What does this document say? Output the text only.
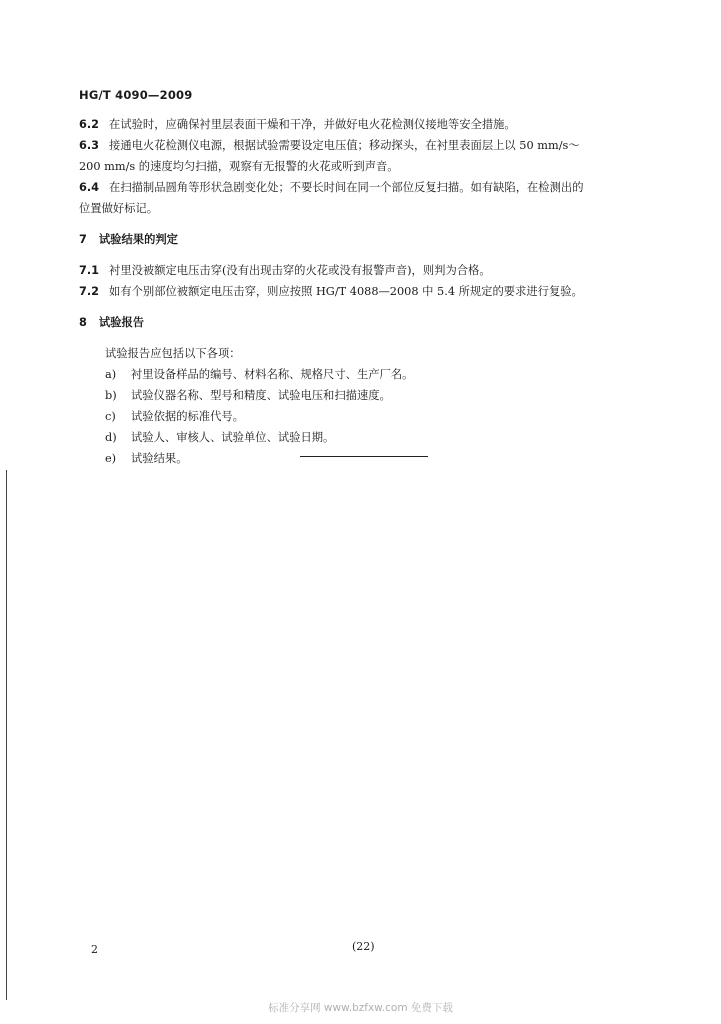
HG/T 4090—2009

6.2 在试验时，应确保衬里层表面干燥和干净，并做好电火花检测仪接地等安全措施。

6.3 接通电火花检测仪电源，根据试验需要设定电压值；移动探头，在衬里表面层上以 50 mm/s～

200 mm/s 的速度均匀扫描，观察有无报警的火花或听到声音。

6.4 在扫描制品圆角等形状急剧变化处；不要长时间在同一个部位反复扫描。如有缺陷，在检测出的

位置做好标记。

7 试验结果的判定

7.1 衬里没被额定电压击穿(没有出现击穿的火花或没有报警声音)，则判为合格。

7.2 如有个别部位被额定电压击穿，则应按照 HG/T 4088—2008 中 5.4 所规定的要求进行复验。

8 试验报告
试验报告应包括以下各项：
a) 衬里设备样品的编号、材料名称、规格尺寸、生产厂名。
b) 试验仪器名称、型号和精度、试验电压和扫描速度。
c) 试验依据的标准代号。
d) 试验人、审核人、试验单位、试验日期。
e) 试验结果。
2	(22)
标准分享网 www.bzfxw.com 免费下载
